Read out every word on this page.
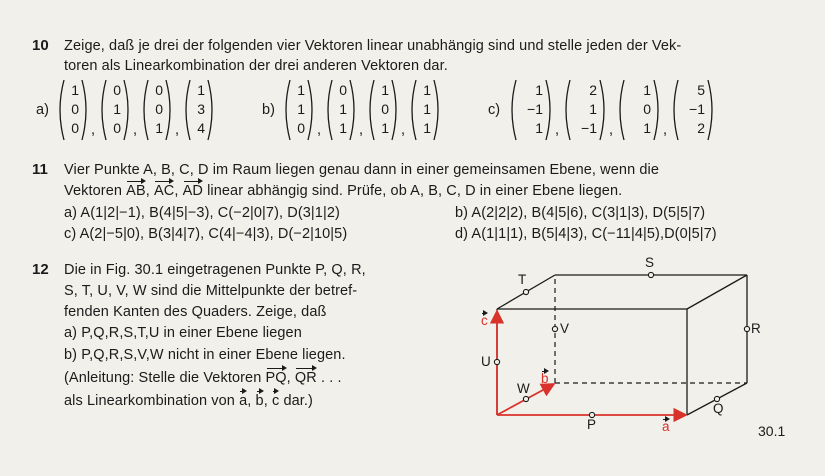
10 Zeige, daß je drei der folgenden vier Vektoren linear unabhängig sind und stelle jeden der Vek-
toren als Linearkombination der drei anderen Vektoren dar.
a)
1
0
0 ,
0
1
0 ,
0
0
1 ,
1
3
4
b)
1
1
0 ,
0
1
1 ,
1
0
1 ,
1
1
1
c)
1
−1
1 ,
2
1
−1 ,
1
0
1 ,
5
−1
2
11 Vier Punkte A, B, C, D im Raum liegen genau dann in einer gemeinsamen Ebene, wenn die
Vektoren AB, AC, AD linear abhängig sind. Prüfe, ob A, B, C, D in einer Ebene liegen.
a) A(1|2|−1), B(4|5|−3), C(−2|0|7), D(3|1|2)	b) A(2|2|2), B(4|5|6), C(3|1|3), D(5|5|7)
c) A(2|−5|0), B(3|4|7), C(4|−4|3), D(−2|10|5)	d) A(1|1|1), B(5|4|3), C(−11|4|5),D(0|5|7)
12 Die in Fig. 30.1 eingetragenen Punkte P, Q, R,
S, T, U, V, W sind die Mittelpunkte der betref-
fenden Kanten des Quaders. Zeige, daß
a) P,Q,R,S,T,U in einer Ebene liegen
b) P,Q,R,S,V,W nicht in einer Ebene liegen.
(Anleitung: Stelle die Vektoren PQ, QR . . .
als Linearkombination von a, b, c dar.)
P
Q
R
S
T
U
V
W
a
b
c
30.1
